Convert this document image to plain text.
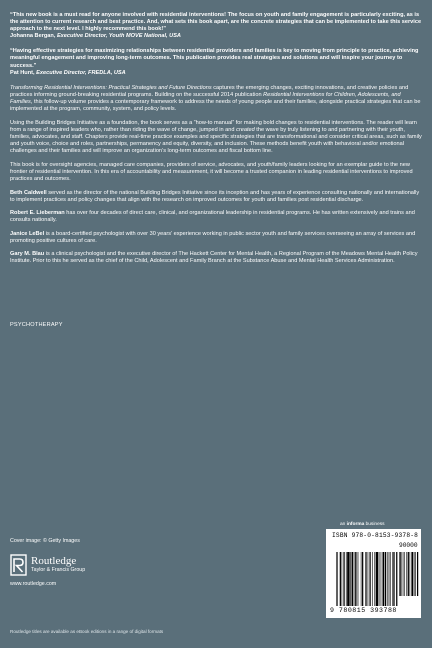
“This new book is a must read for anyone involved with residential interventions! The focus on youth and family engagement is particularly exciting, as is the attention to current research and best practice. And, what sets this book apart, are the concrete strategies that can be implemented to take this service approach to the next level. I highly recommend this book!”

Johanna Bergan, Executive Director, Youth MOVE National, USA

“Having effective strategies for maximizing relationships between residential providers and families is key to moving from principle to practice, achieving meaningful engagement and improving long-term outcomes. This publication provides real strategies and solutions and will inspire your journey to success.”

Pat Hunt, Executive Director, FREDLA, USA

Transforming Residential Interventions: Practical Strategies and Future Directions captures the emerging changes, exciting innovations, and creative policies and practices informing ground-breaking residential programs. Building on the successful 2014 publication Residential Interventions for Children, Adolescents, and Families, this follow-up volume provides a contemporary framework to address the needs of young people and their families, alongside practical strategies that can be implemented at the program, community, system, and policy levels.

Using the Building Bridges Initiative as a foundation, the book serves as a “how-to manual” for making bold changes to residential interventions. The reader will learn from a range of inspired leaders who, rather than riding the wave of change, jumped in and created the wave by truly listening to and partnering with their youth, families, advocates, and staff. Chapters provide real-time practice examples and specific strategies that are transformational and consider critical areas, such as family and youth voice, choice and roles, partnerships, permanency and equity, diversity, and inclusion. These methods benefit youth with behavioral and/or emotional challenges and their families and will improve an organization’s long-term outcomes and fiscal bottom line.

This book is for oversight agencies, managed care companies, providers of service, advocates, and youth/family leaders looking for an exemplar guide to the new frontier of residential intervention. In this era of accountability and measurement, it will become a trusted companion in leading residential interventions to improved practices and outcomes.

Beth Caldwell served as the director of the national Building Bridges Initiative since its inception and has years of experience consulting nationally and internationally to implement practices and policy changes that align with the research on improved outcomes for youth and families post residential discharge.

Robert E. Lieberman has over four decades of direct care, clinical, and organizational leadership in residential programs. He has written extensively and trains and consults nationally.

Janice LeBel is a board-certified psychologist with over 30 years’ experience working in public sector youth and family services overseeing an array of services and promoting positive cultures of care.

Gary M. Blau is a clinical psychologist and the executive director of The Hackett Center for Mental Health, a Regional Program of the Meadows Mental Health Policy Institute. Prior to this he served as the chief of the Child, Adolescent and Family Branch at the Substance Abuse and Mental Health Services Administration.

PSYCHOTHERAPY
Cover image: © Getty Images
Routledge
Taylor & Francis Group
www.routledge.com
an informa business
ISBN 978-0-8153-9378-8
90000
9 780815 393788
Routledge titles are available as eBook editions in a range of digital formats
